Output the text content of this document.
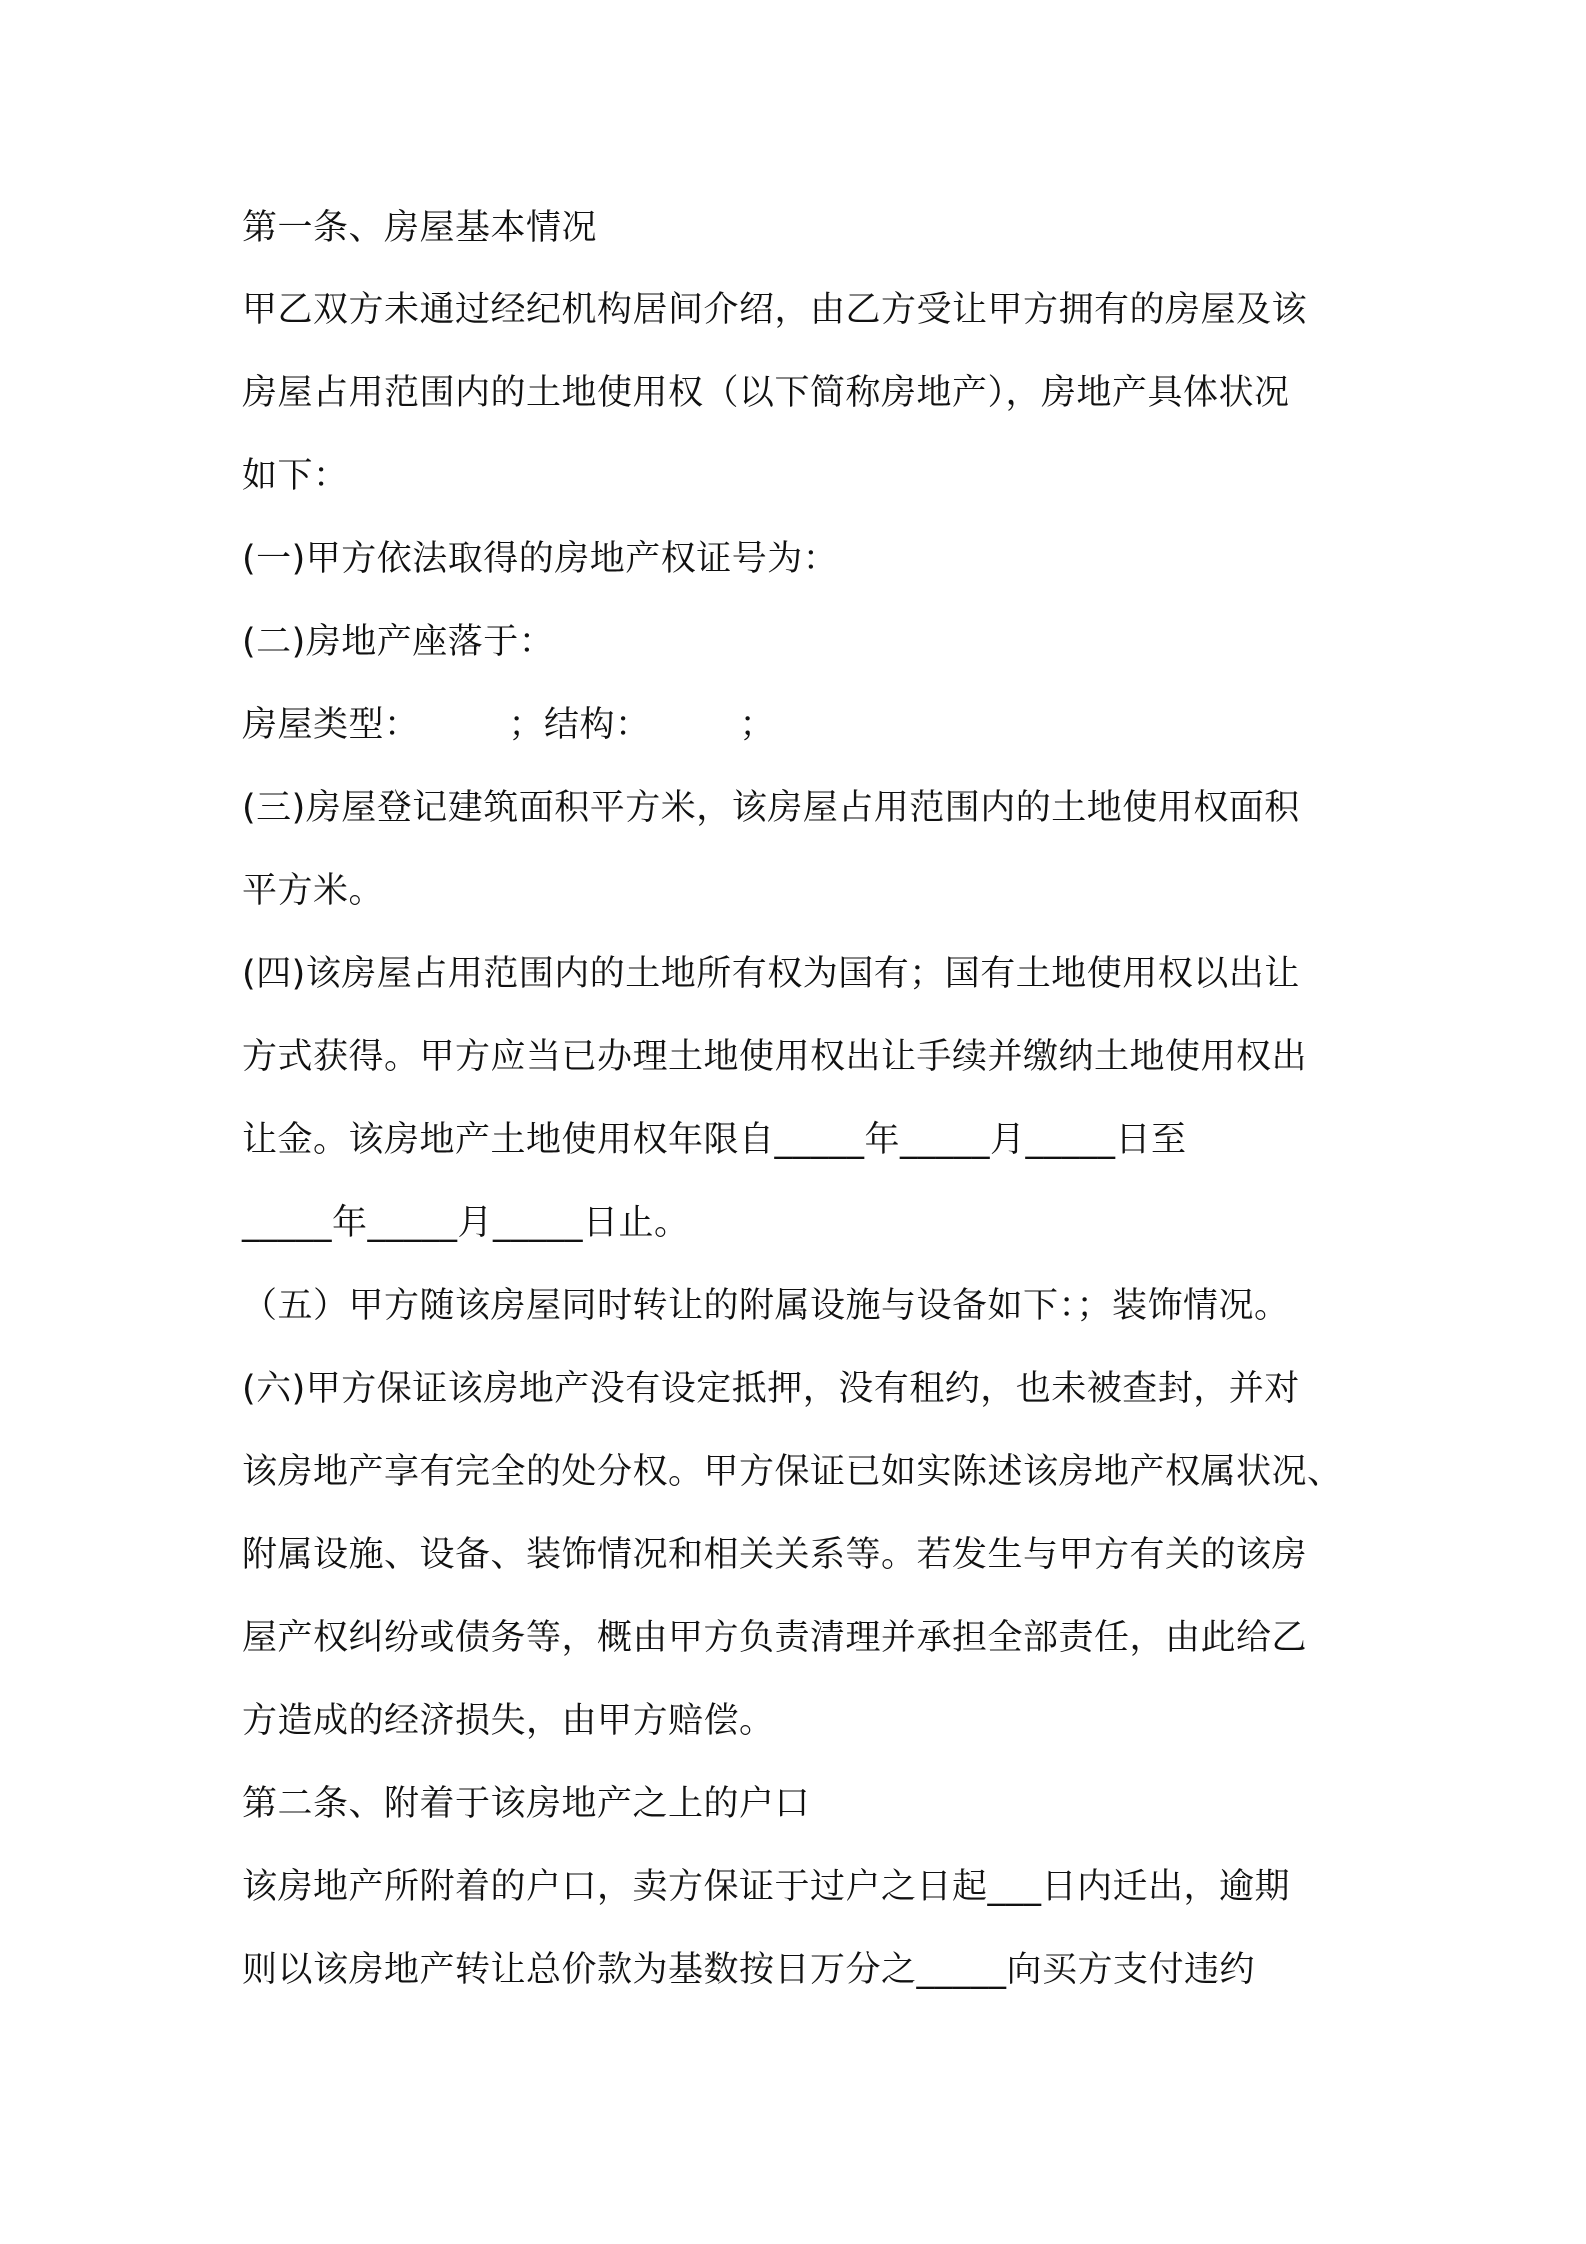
第一条、房屋基本情况
甲乙双方未通过经纪机构居间介绍，由乙方受让甲方拥有的房屋及该
房屋占用范围内的土地使用权（以下简称房地产），房地产具体状况
如下：
(一)甲方依法取得的房地产权证号为：
(二)房地产座落于：
房屋类型：　　　；结构：　　　；
(三)房屋登记建筑面积平方米，该房屋占用范围内的土地使用权面积
平方米。
(四)该房屋占用范围内的土地所有权为国有；国有土地使用权以出让
方式获得。甲方应当已办理土地使用权出让手续并缴纳土地使用权出
让金。该房地产土地使用权年限自_____年_____月_____日至
_____年_____月_____日止。
（五）甲方随该房屋同时转让的附属设施与设备如下：；装饰情况。
(六)甲方保证该房地产没有设定抵押，没有租约，也未被查封，并对
该房地产享有完全的处分权。甲方保证已如实陈述该房地产权属状况、
附属设施、设备、装饰情况和相关关系等。若发生与甲方有关的该房
屋产权纠纷或债务等，概由甲方负责清理并承担全部责任，由此给乙
方造成的经济损失，由甲方赔偿。
第二条、附着于该房地产之上的户口
该房地产所附着的户口，卖方保证于过户之日起___日内迁出，逾期
则以该房地产转让总价款为基数按日万分之_____向买方支付违约
